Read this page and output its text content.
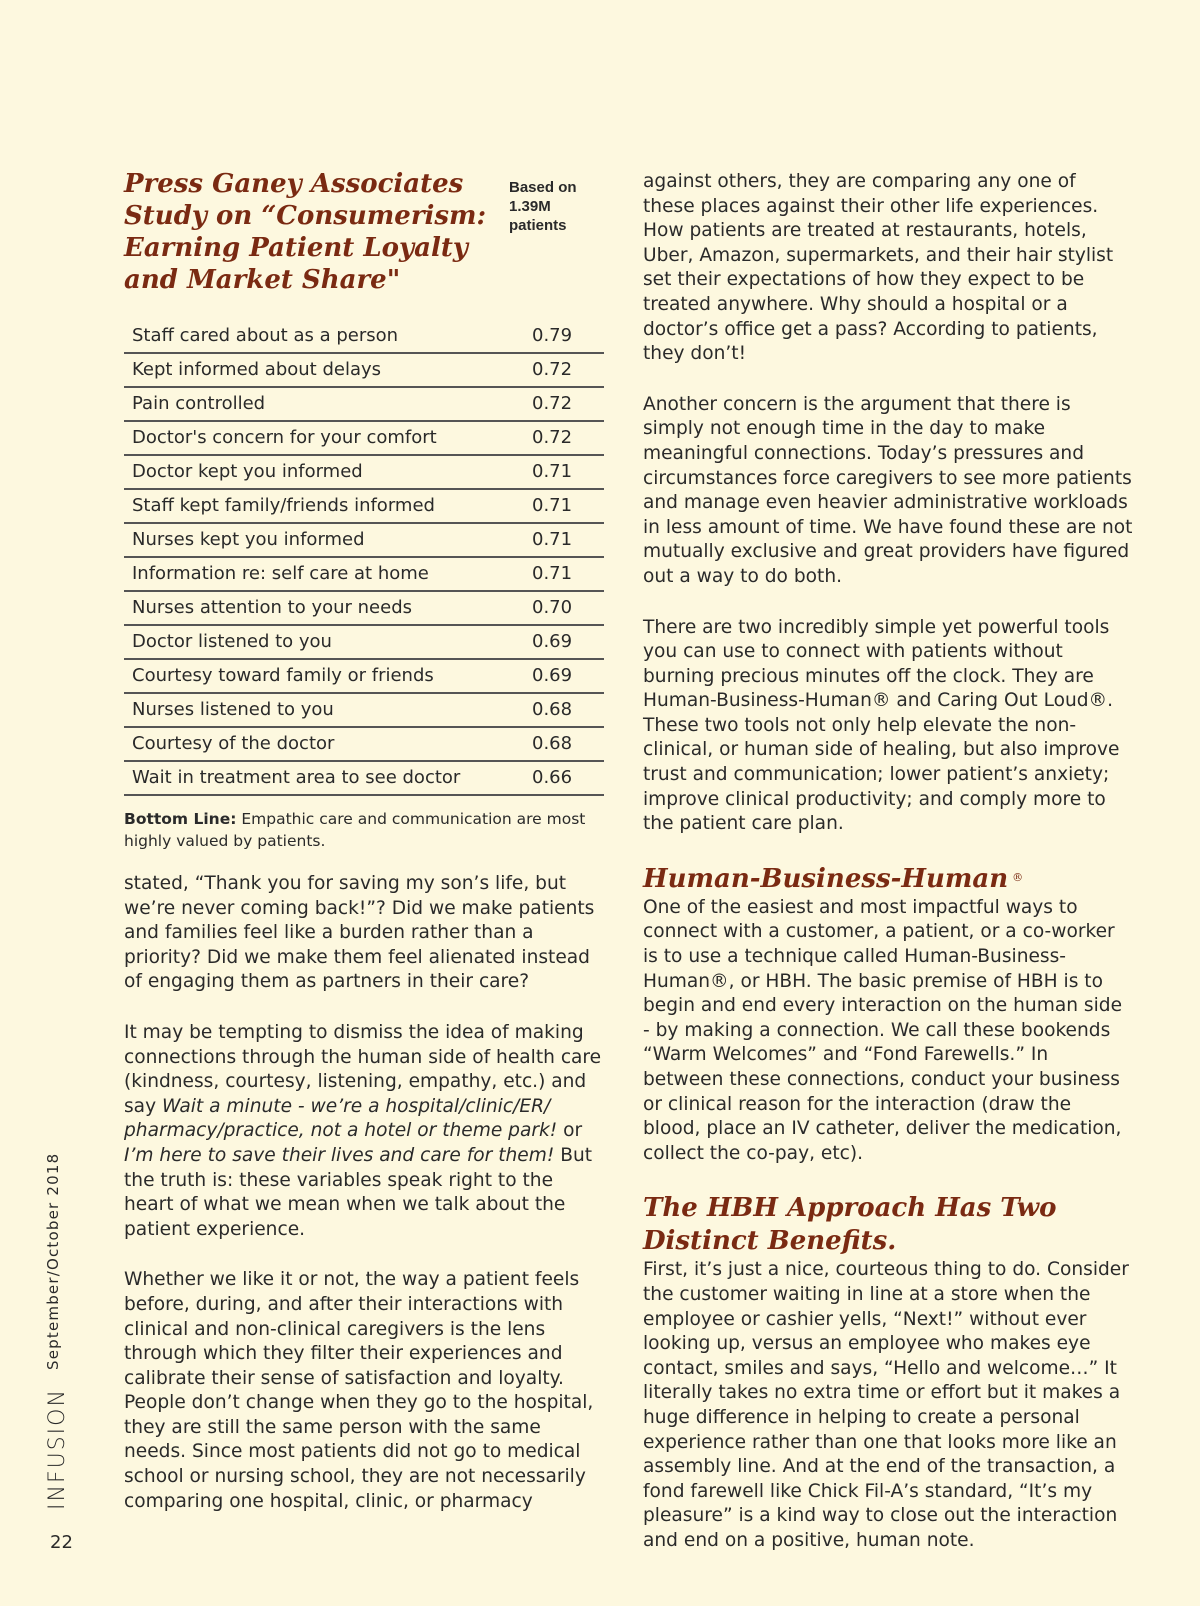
Press Ganey Associates Study on “Consumerism: Earning Patient Loyalty and Market Share"
Based on 1.39M patients
Staff cared about as a person	0.79
Kept informed about delays	0.72
Pain controlled	0.72
Doctor's concern for your comfort	0.72
Doctor kept you informed	0.71
Staff kept family/friends informed	0.71
Nurses kept you informed	0.71
Information re: self care at home	0.71
Nurses attention to your needs	0.70
Doctor listened to you	0.69
Courtesy toward family or friends	0.69
Nurses listened to you	0.68
Courtesy of the doctor	0.68
Wait in treatment area to see doctor	0.66
Bottom Line: Empathic care and communication are most highly valued by patients.

stated, “Thank you for saving my son’s life, but we’re never coming back!”? Did we make patients and families feel like a burden rather than a priority? Did we make them feel alienated instead of engaging them as partners in their care?

It may be tempting to dismiss the idea of making connections through the human side of health care (kindness, courtesy, listening, empathy, etc.) and say Wait a minute - we’re a hospital/clinic/ER/ pharmacy/practice, not a hotel or theme park! or I’m here to save their lives and care for them! But the truth is: these variables speak right to the heart of what we mean when we talk about the patient experience.

Whether we like it or not, the way a patient feels before, during, and after their interactions with clinical and non-clinical caregivers is the lens through which they filter their experiences and calibrate their sense of satisfaction and loyalty. People don’t change when they go to the hospital, they are still the same person with the same needs. Since most patients did not go to medical school or nursing school, they are not necessarily comparing one hospital, clinic, or pharmacy

against others, they are comparing any one of these places against their other life experiences. How patients are treated at restaurants, hotels, Uber, Amazon, supermarkets, and their hair stylist set their expectations of how they expect to be treated anywhere. Why should a hospital or a doctor’s office get a pass? According to patients, they don’t!

Another concern is the argument that there is simply not enough time in the day to make meaningful connections. Today’s pressures and circumstances force caregivers to see more patients and manage even heavier administrative workloads in less amount of time. We have found these are not mutually exclusive and great providers have figured out a way to do both.

There are two incredibly simple yet powerful tools you can use to connect with patients without burning precious minutes off the clock. They are Human-Business-Human® and Caring Out Loud®. These two tools not only help elevate the non-clinical, or human side of healing, but also improve trust and communication; lower patient’s anxiety; improve clinical productivity; and comply more to the patient care plan.

Human-Business-Human ®

One of the easiest and most impactful ways to connect with a customer, a patient, or a co-worker is to use a technique called Human-Business-Human®, or HBH. The basic premise of HBH is to begin and end every interaction on the human side - by making a connection. We call these bookends “Warm Welcomes” and “Fond Farewells.” In between these connections, conduct your business or clinical reason for the interaction (draw the blood, place an IV catheter, deliver the medication, collect the co-pay, etc).

The HBH Approach Has Two Distinct Benefits.

First, it’s just a nice, courteous thing to do. Consider the customer waiting in line at a store when the employee or cashier yells, “Next!” without ever looking up, versus an employee who makes eye contact, smiles and says, “Hello and welcome…” It literally takes no extra time or effort but it makes a huge difference in helping to create a personal experience rather than one that looks more like an assembly line. And at the end of the transaction, a fond farewell like Chick Fil-A’s standard, “It’s my pleasure” is a kind way to close out the interaction and end on a positive, human note.

September/October 2018
INFUSION
22
